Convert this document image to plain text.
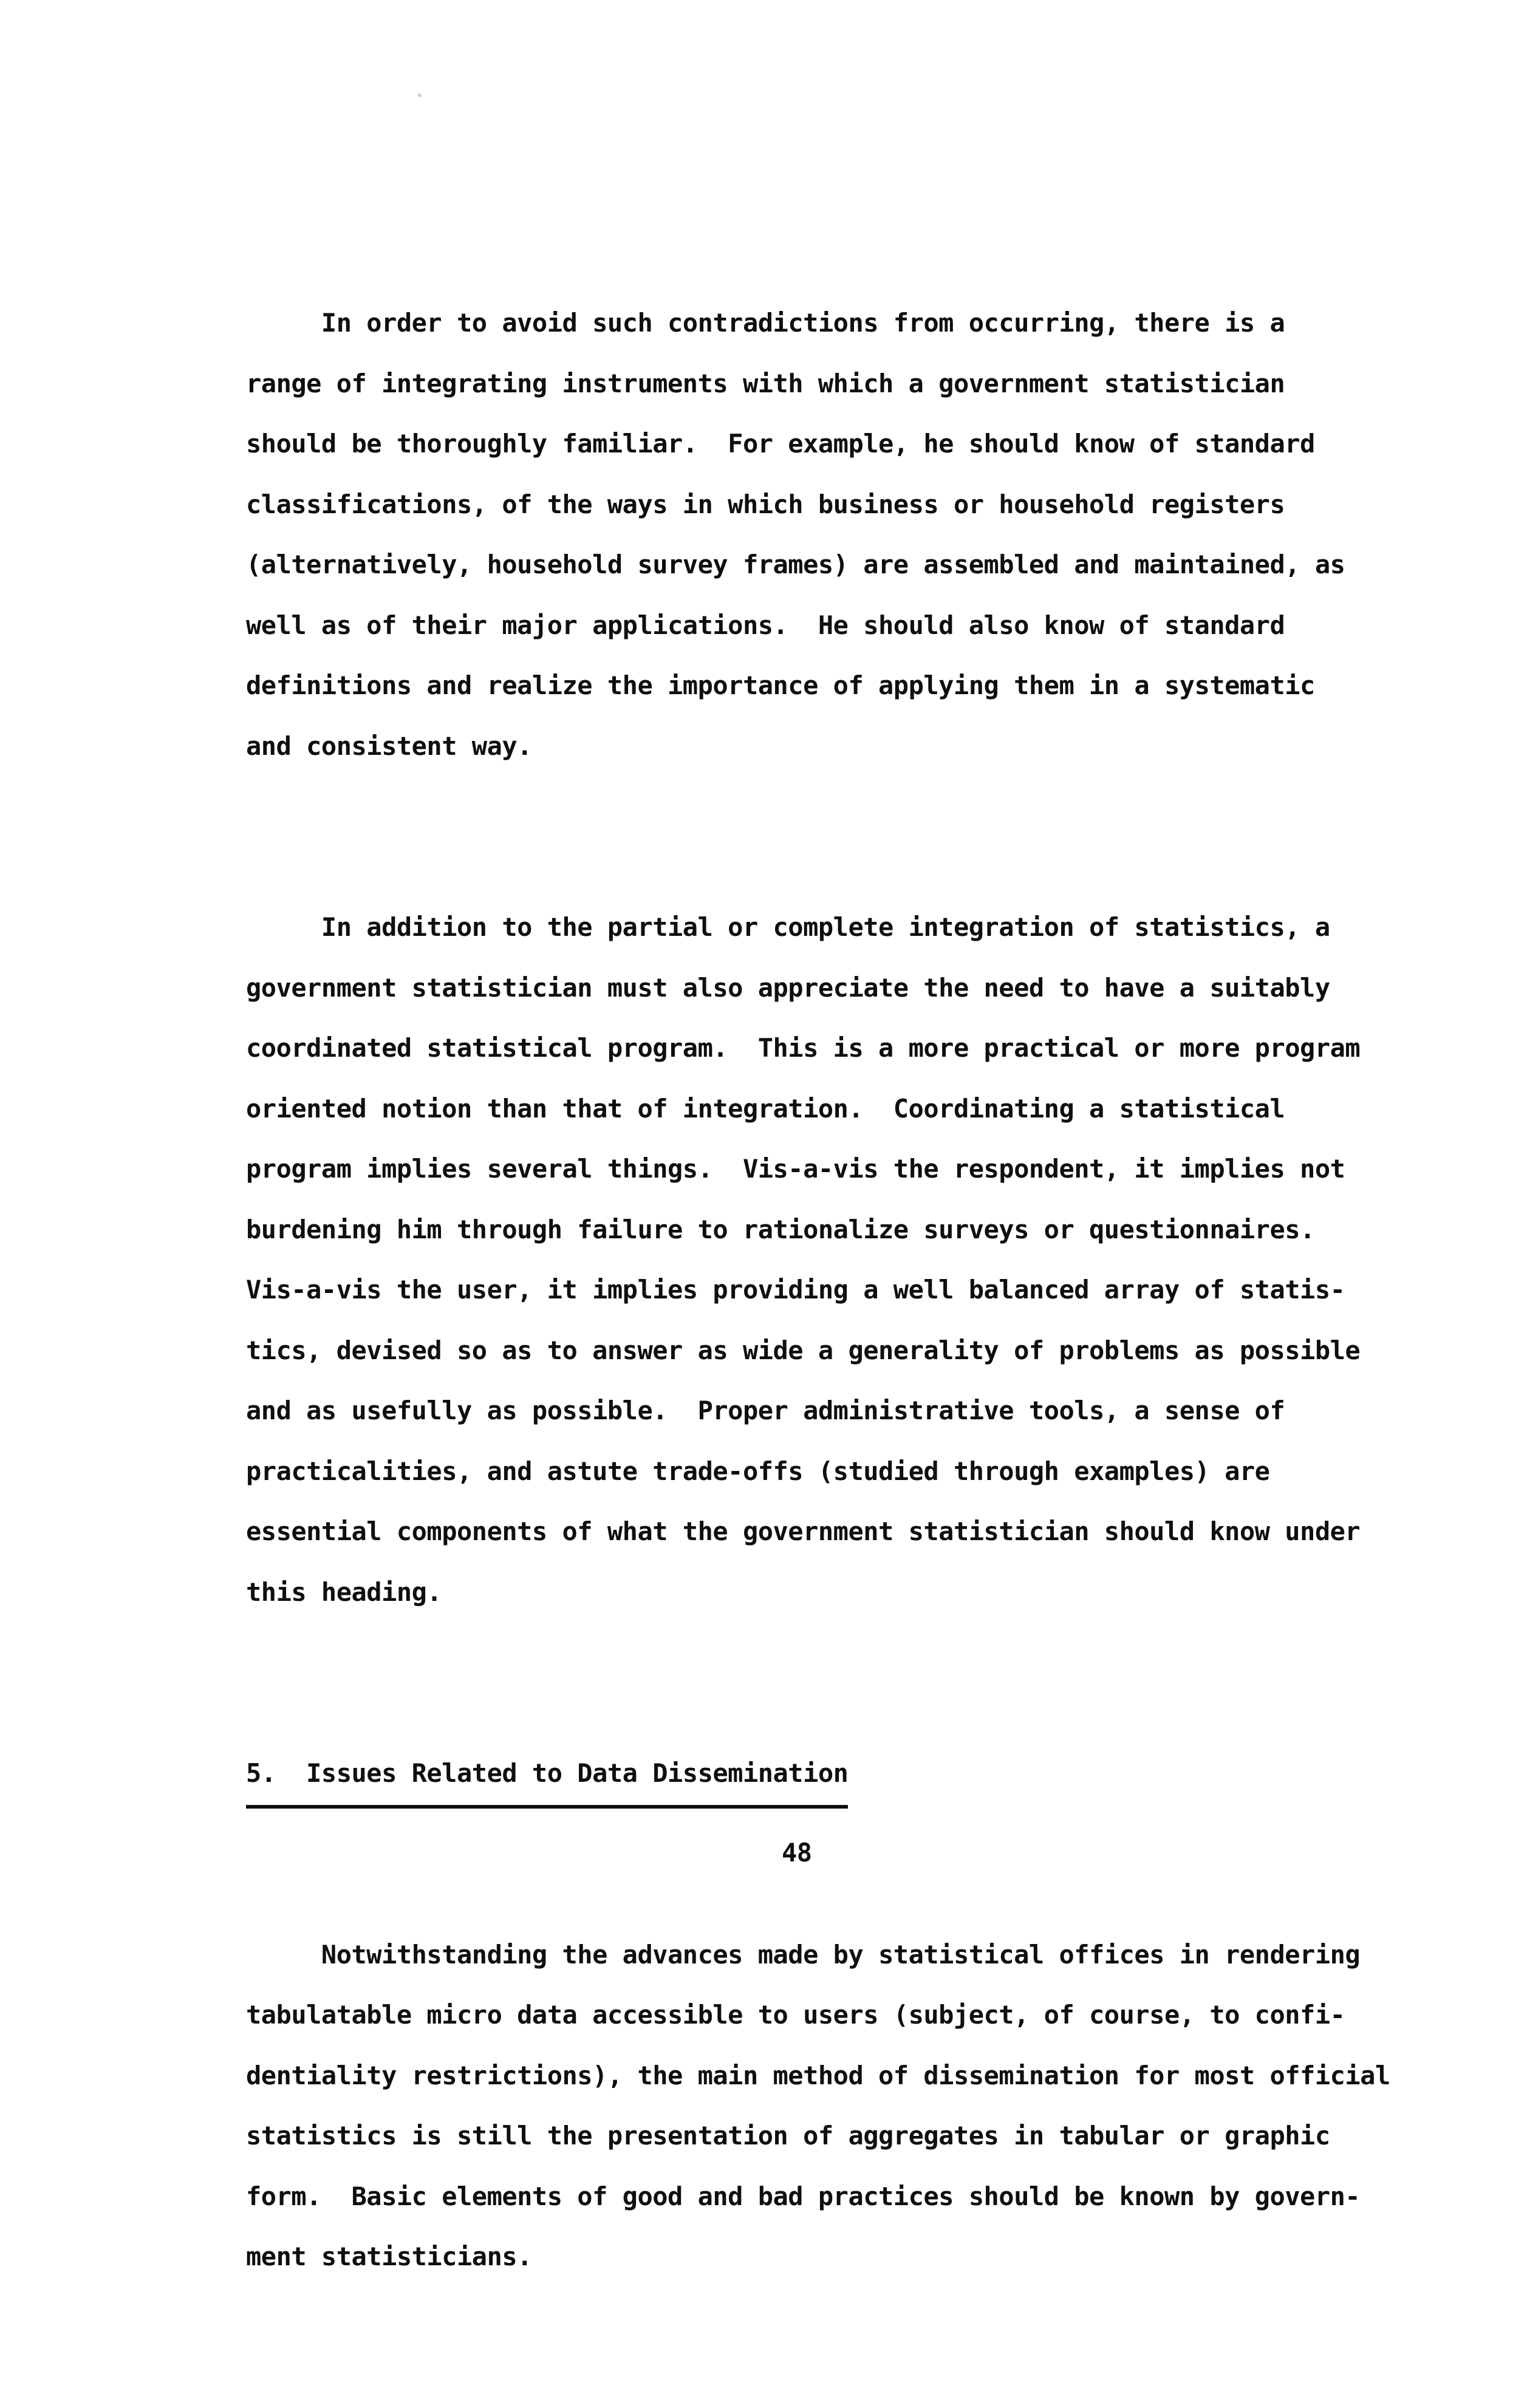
In order to avoid such contradictions from occurring, there is a
range of integrating instruments with which a government statistician
should be thoroughly familiar.  For example, he should know of standard
classifications, of the ways in which business or household registers
(alternatively, household survey frames) are assembled and maintained, as
well as of their major applications.  He should also know of standard
definitions and realize the importance of applying them in a systematic
and consistent way.

In addition to the partial or complete integration of statistics, a
government statistician must also appreciate the need to have a suitably
coordinated statistical program.  This is a more practical or more program
oriented notion than that of integration.  Coordinating a statistical
program implies several things.  Vis-a-vis the respondent, it implies not
burdening him through failure to rationalize surveys or questionnaires.
Vis-a-vis the user, it implies providing a well balanced array of statis-
tics, devised so as to answer as wide a generality of problems as possible
and as usefully as possible.  Proper administrative tools, a sense of
practicalities, and astute trade-offs (studied through examples) are
essential components of what the government statistician should know under
this heading.

5.  Issues Related to Data Dissemination

Notwithstanding the advances made by statistical offices in rendering
tabulatable micro data accessible to users (subject, of course, to confi-
dentiality restrictions), the main method of dissemination for most official
statistics is still the presentation of aggregates in tabular or graphic
form.  Basic elements of good and bad practices should be known by govern-
ment statisticians.

48
